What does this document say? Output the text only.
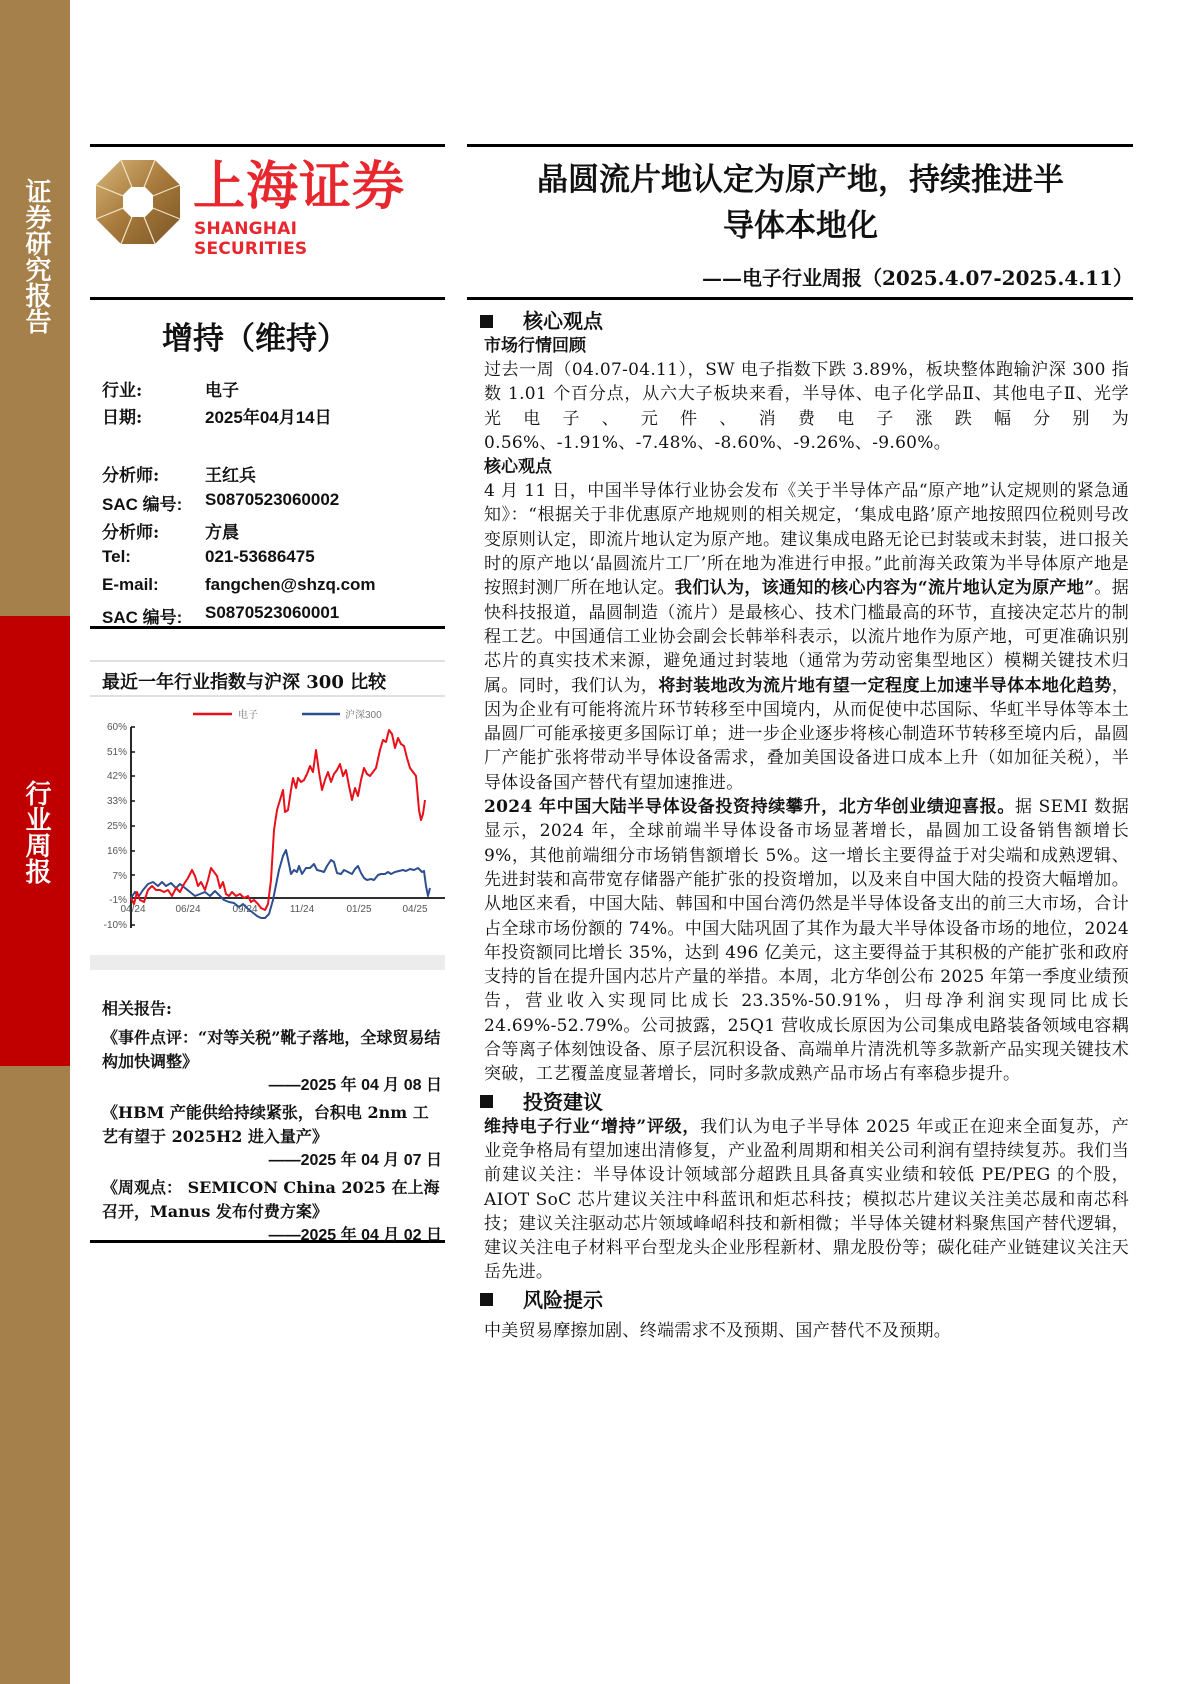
证券研究报告
行业周报
上海证券
SHANGHAI SECURITIES
晶圆流片地认定为原产地，持续推进半
导体本地化
——电子行业周报（2025.4.07-2025.4.11）
增持（维持）
行业:	电子
日期:	2025年04月14日
分析师:	王红兵
SAC 编号: S0870523060002
分析师:	方晨
Tel:	021-53686475
E-mail:	fangchen@shzq.com
SAC 编号: S0870523060001
最近一年行业指数与沪深 300 比较
电子	沪深300
60%
51%
42%
33%
25%
16%
7%
-1%
-10%
04/24	06/24	09/24	11/24	01/25	04/25
相关报告:
《事件点评：“对等关税”靴子落地，全球贸易结构加快调整》
——2025 年 04 月 08 日
《HBM 产能供给持续紧张，台积电 2nm 工艺有望于 2025H2 进入量产》
——2025 年 04 月 07 日
《周观点： SEMICON China 2025 在上海召开，Manus 发布付费方案》
——2025 年 04 月 02 日
核心观点
市场行情回顾

过去一周（04.07-04.11），SW 电子指数下跌 3.89%，板块整体跑输沪深 300 指数 1.01 个百分点，从六大子板块来看，半导体、电子化学品Ⅱ、其他电子Ⅱ、光学光电子、元件、消费电子涨跌幅分别为 0.56%、-1.91%、-7.48%、-8.60%、-9.26%、-9.60%。

核心观点

4 月 11 日，中国半导体行业协会发布《关于半导体产品“原产地”认定规则的紧急通知》：“根据关于非优惠原产地规则的相关规定，‘集成电路’原产地按照四位税则号改变原则认定，即流片地认定为原产地。建议集成电路无论已封装或未封装，进口报关时的原产地以‘晶圆流片工厂’所在地为准进行申报。”此前海关政策为半导体原产地是按照封测厂所在地认定。我们认为，该通知的核心内容为“流片地认定为原产地”。据快科技报道，晶圆制造（流片）是最核心、技术门槛最高的环节，直接决定芯片的制程工艺。中国通信工业协会副会长韩举科表示，以流片地作为原产地，可更准确识别芯片的真实技术来源，避免通过封装地（通常为劳动密集型地区）模糊关键技术归属。同时，我们认为，将封装地改为流片地有望一定程度上加速半导体本地化趋势，因为企业有可能将流片环节转移至中国境内，从而促使中芯国际、华虹半导体等本土晶圆厂可能承接更多国际订单；进一步企业逐步将核心制造环节转移至境内后，晶圆厂产能扩张将带动半导体设备需求，叠加美国设备进口成本上升（如加征关税），半导体设备国产替代有望加速推进。

2024 年中国大陆半导体设备投资持续攀升，北方华创业绩迎喜报。据 SEMI 数据显示，2024 年，全球前端半导体设备市场显著增长，晶圆加工设备销售额增长 9%，其他前端细分市场销售额增长 5%。这一增长主要得益于对尖端和成熟逻辑、先进封装和高带宽存储器产能扩张的投资增加，以及来自中国大陆的投资大幅增加。从地区来看，中国大陆、韩国和中国台湾仍然是半导体设备支出的前三大市场，合计占全球市场份额的 74%。中国大陆巩固了其作为最大半导体设备市场的地位，2024 年投资额同比增长 35%，达到 496 亿美元，这主要得益于其积极的产能扩张和政府支持的旨在提升国内芯片产量的举措。本周，北方华创公布 2025 年第一季度业绩预告，营业收入实现同比成长 23.35%-50.91%，归母净利润实现同比成长 24.69%-52.79%。公司披露，25Q1 营收成长原因为公司集成电路装备领域电容耦合等离子体刻蚀设备、原子层沉积设备、高端单片清洗机等多款新产品实现关键技术突破，工艺覆盖度显著增长，同时多款成熟产品市场占有率稳步提升。

投资建议

维持电子行业“增持”评级，我们认为电子半导体 2025 年或正在迎来全面复苏，产业竞争格局有望加速出清修复，产业盈利周期和相关公司利润有望持续复苏。我们当前建议关注：半导体设计领域部分超跌且具备真实业绩和较低 PE/PEG 的个股，AIOT SoC 芯片建议关注中科蓝讯和炬芯科技；模拟芯片建议关注美芯晟和南芯科技；建议关注驱动芯片领域峰岹科技和新相微；半导体关键材料聚焦国产替代逻辑，建议关注电子材料平台型龙头企业彤程新材、鼎龙股份等；碳化硅产业链建议关注天岳先进。

风险提示

中美贸易摩擦加剧、终端需求不及预期、国产替代不及预期。
